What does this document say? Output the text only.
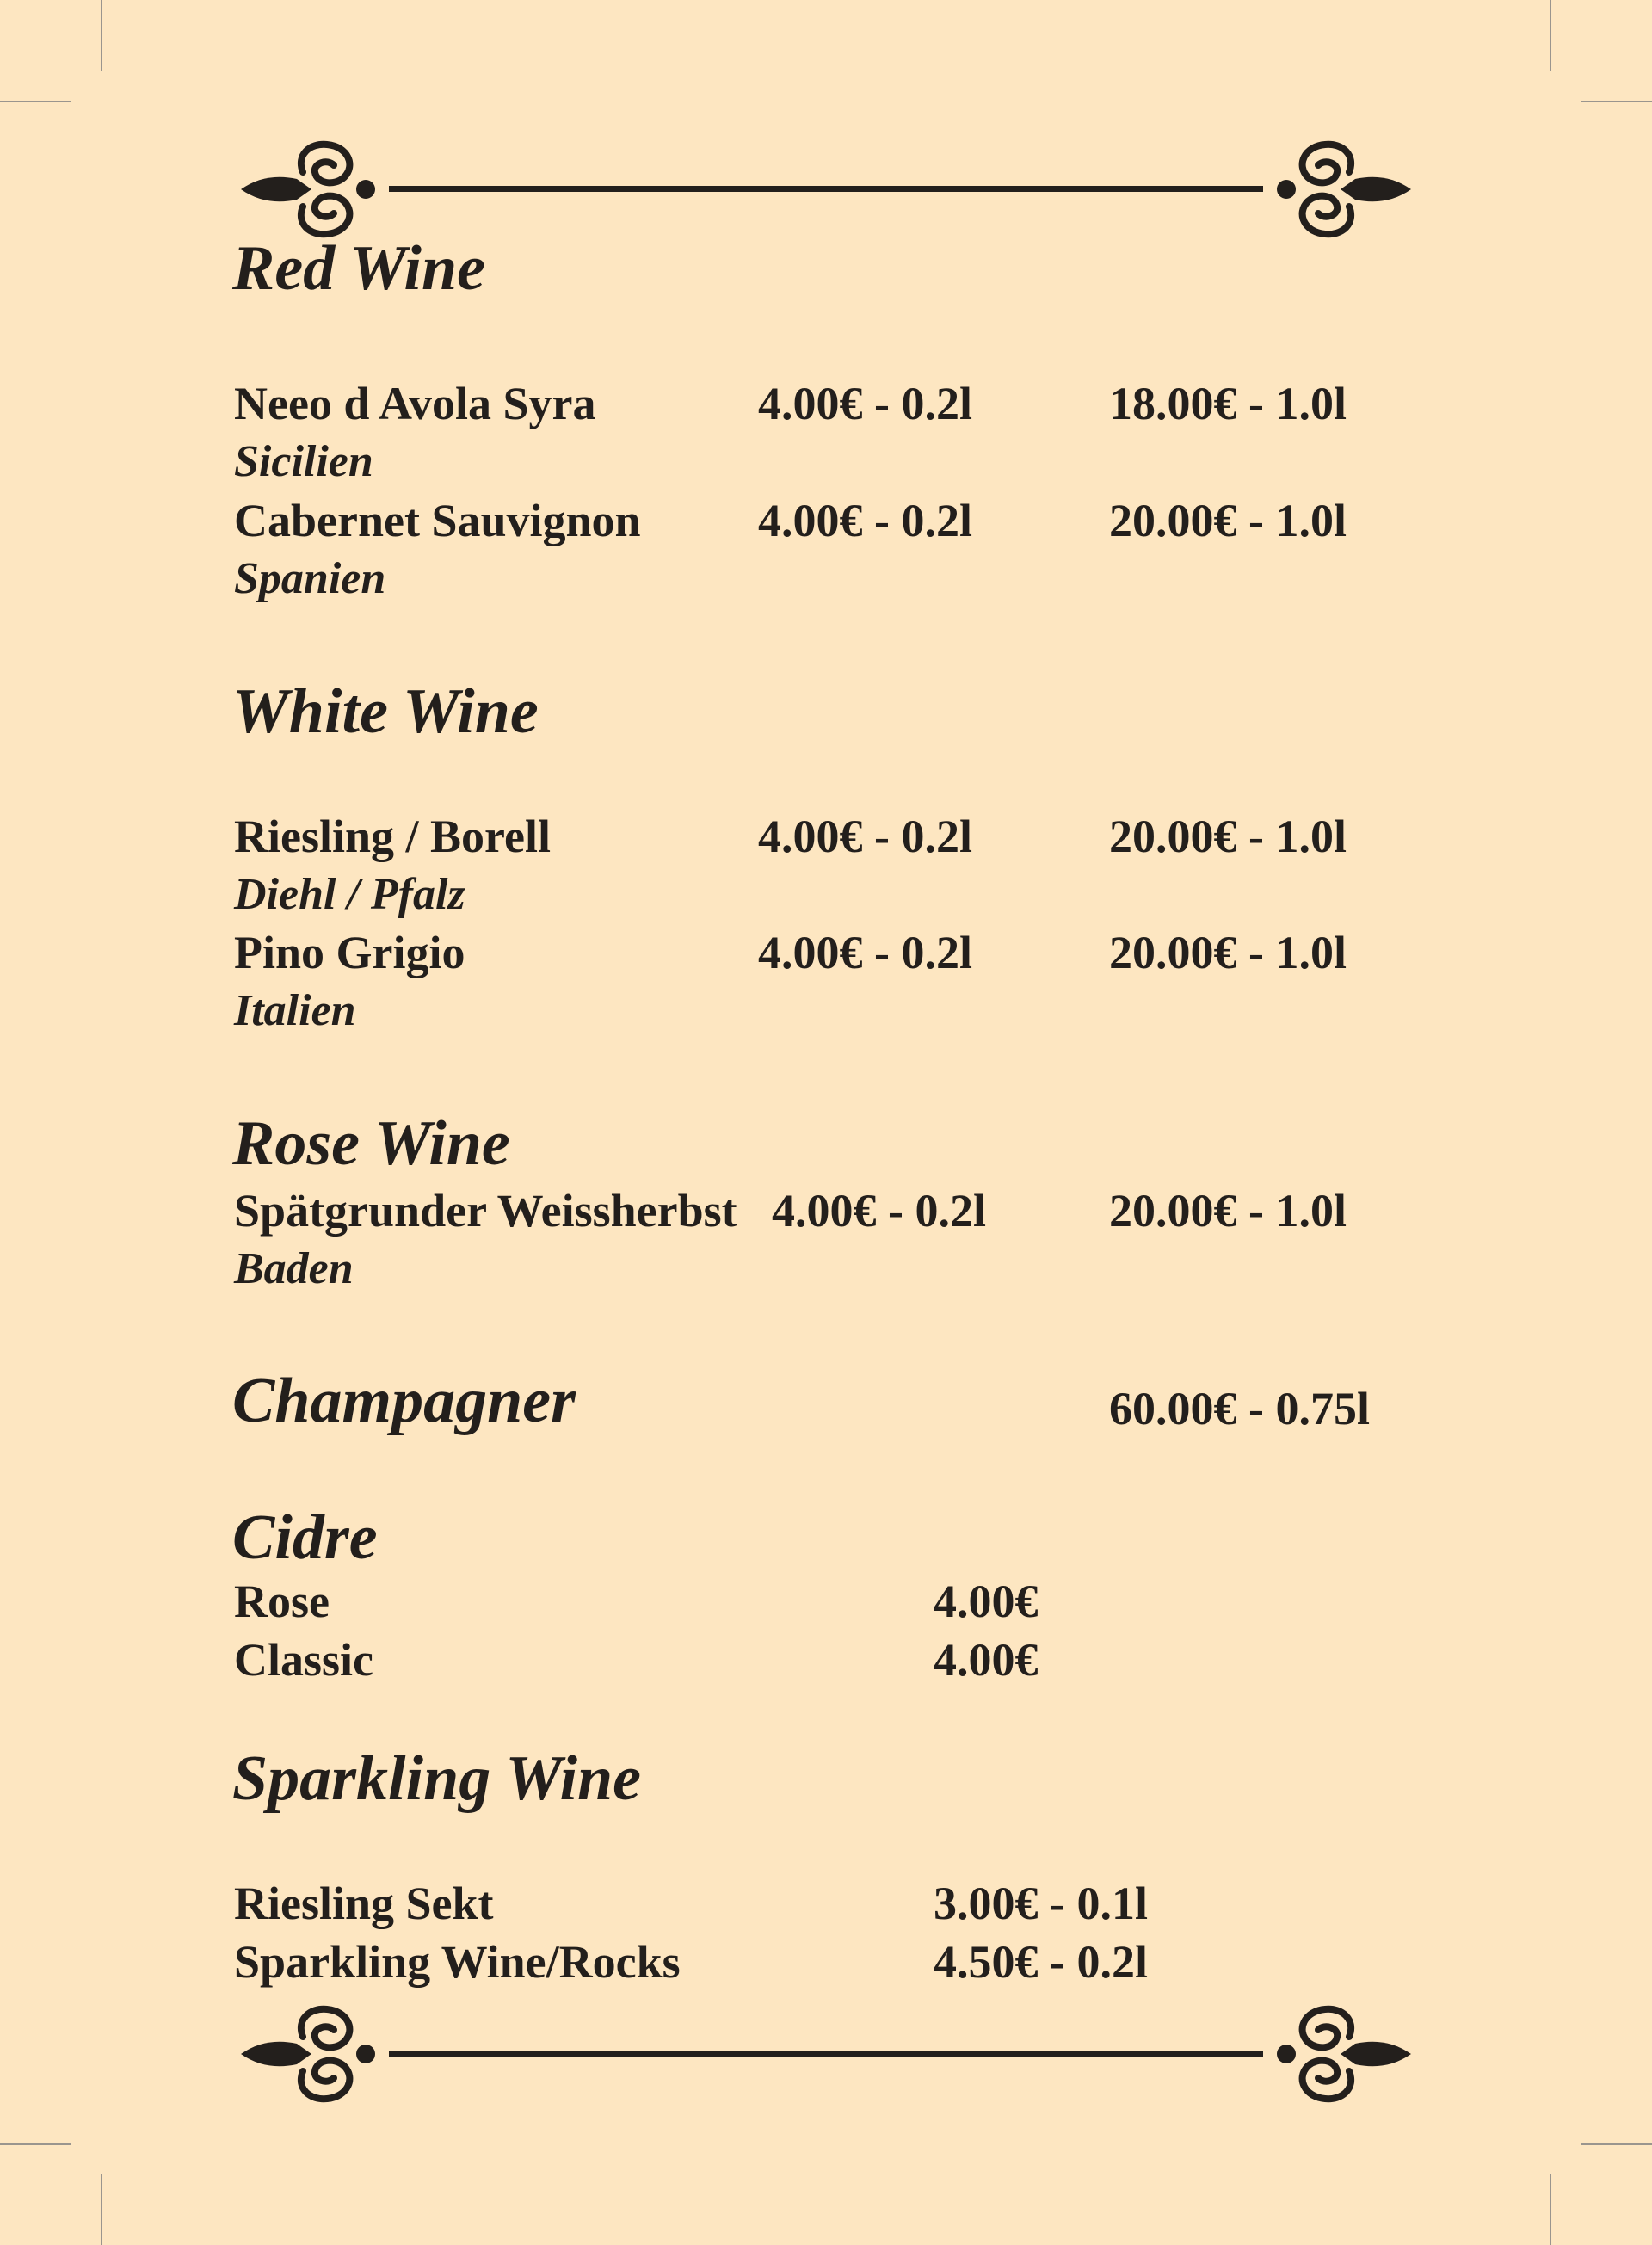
Red Wine
Neeo d Avola Syra	4.00€ - 0.2l	18.00€ - 1.0l
Sicilien
Cabernet Sauvignon	4.00€ - 0.2l	20.00€ - 1.0l
Spanien
White Wine
Riesling / Borell	4.00€ - 0.2l	20.00€ - 1.0l
Diehl / Pfalz
Pino Grigio	4.00€ - 0.2l	20.00€ - 1.0l
Italien
Rose Wine
Spätgrunder Weissherbst 4.00€ - 0.2l	20.00€ - 1.0l
Baden
Champagner	60.00€ - 0.75l
Cidre
Rose	4.00€
Classic	4.00€
Sparkling Wine
Riesling Sekt	3.00€ - 0.1l
Sparkling Wine/Rocks	4.50€ - 0.2l
